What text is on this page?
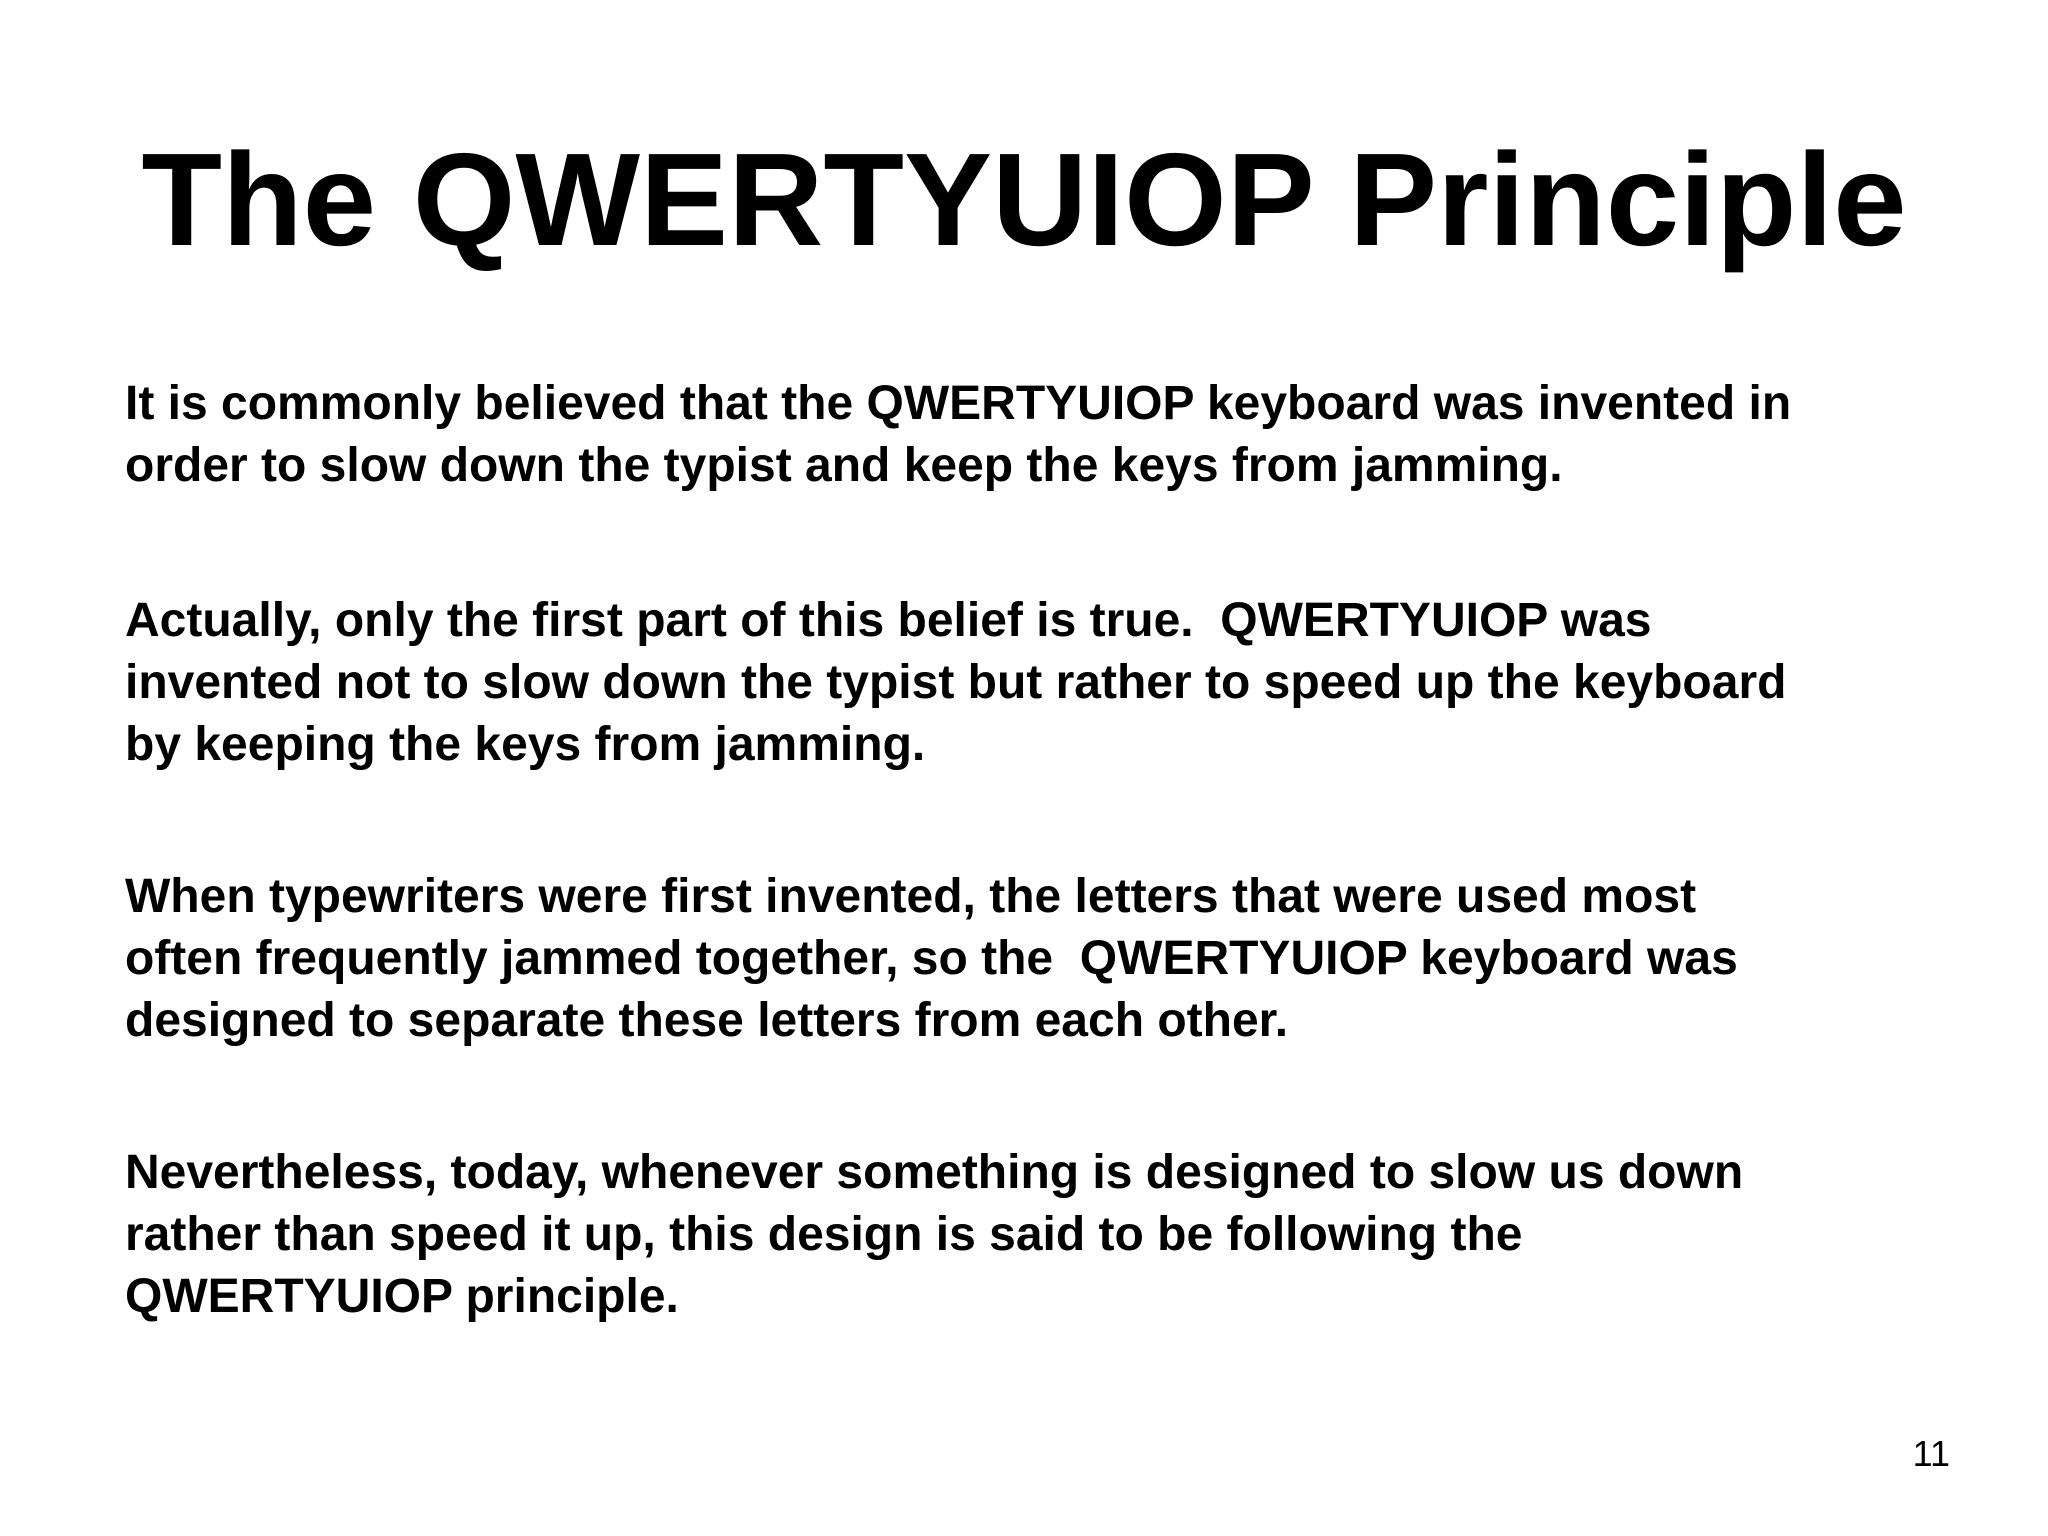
The QWERTYUIOP Principle

It is commonly believed that the QWERTYUIOP keyboard was invented in
order to slow down the typist and keep the keys from jamming.

Actually, only the first part of this belief is true.  QWERTYUIOP was
invented not to slow down the typist but rather to speed up the keyboard
by keeping the keys from jamming.

When typewriters were first invented, the letters that were used most
often frequently jammed together, so the  QWERTYUIOP keyboard was
designed to separate these letters from each other.

Nevertheless, today, whenever something is designed to slow us down
rather than speed it up, this design is said to be following the
QWERTYUIOP principle.

11
